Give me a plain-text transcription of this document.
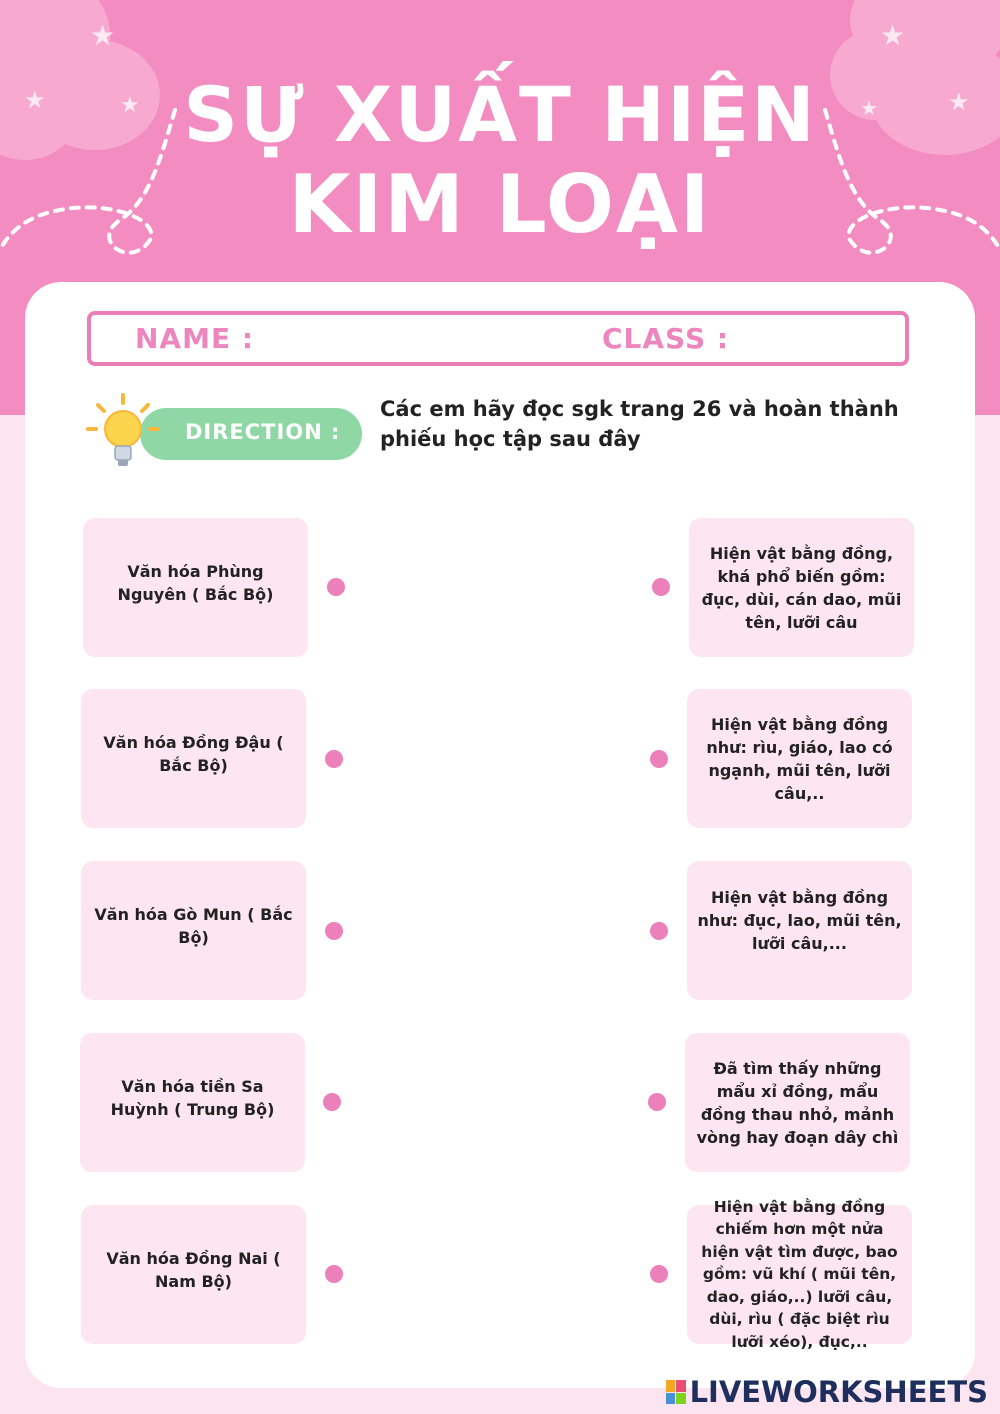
★
★	★
★
★
★
SỰ XUẤT HIỆN
KIM LOẠI
NAME :	CLASS :
DIRECTION :
Các em hãy đọc sgk trang 26 và hoàn thành phiếu học tập sau đây
Văn hóa Phùng Nguyên ( Bắc Bộ)
Văn hóa Đồng Đậu ( Bắc Bộ)
Văn hóa Gò Mun ( Bắc Bộ)
Văn hóa tiền Sa Huỳnh ( Trung Bộ)
Văn hóa Đồng Nai ( Nam Bộ)
Hiện vật bằng đồng, khá phổ biến gồm: đục, dùi, cán dao, mũi tên, lưỡi câu
Hiện vật bằng đồng như: rìu, giáo, lao có ngạnh, mũi tên, lưỡi câu,..
Hiện vật bằng đồng như: đục, lao, mũi tên, lưỡi câu,...
Đã tìm thấy những mẩu xỉ đồng, mẩu đồng thau nhỏ, mảnh vòng hay đoạn dây chì
Hiện vật bằng đồng chiếm hơn một nửa hiện vật tìm được, bao gồm: vũ khí ( mũi tên, dao, giáo,..) lưỡi câu, dùi, rìu ( đặc biệt rìu lưỡi xéo), đục,..
LIVEWORKSHEETS
